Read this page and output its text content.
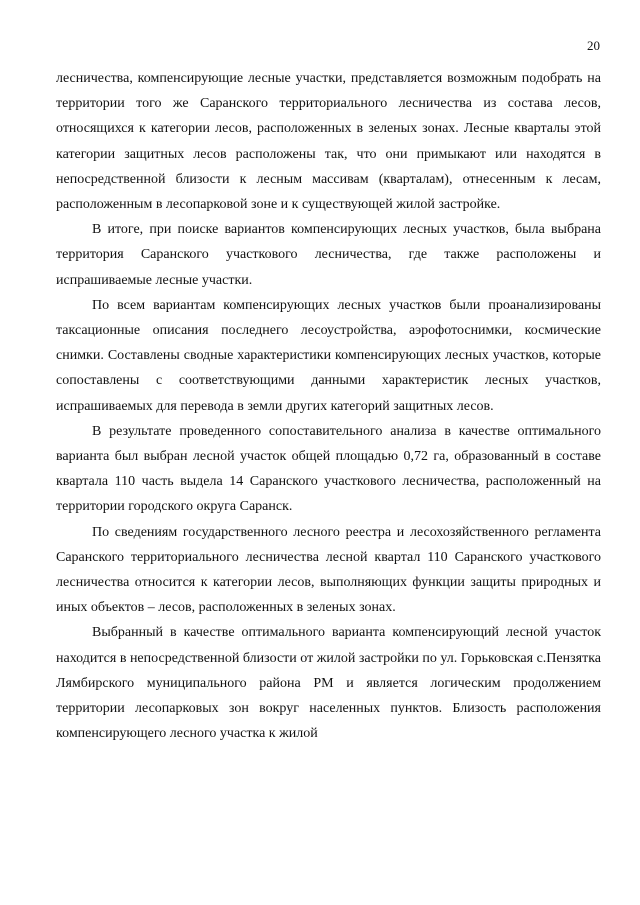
20

лесничества, компенсирующие лесные участки, представляется возможным подобрать на территории того же Саранского территориального лесничества из состава лесов, относящихся к категории лесов, расположенных в зеленых зонах. Лесные кварталы этой категории защитных лесов расположены так, что они примыкают или находятся в непосредственной близости к лесным массивам (кварталам), отнесенным к лесам, расположенным в лесопарковой зоне и к существующей жилой застройке.

В итоге, при поиске вариантов компенсирующих лесных участков, была выбрана территория Саранского участкового лесничества, где также расположены и испрашиваемые лесные участки.

По всем вариантам компенсирующих лесных участков были проанализированы таксационные описания последнего лесоустройства, аэрофотоснимки, космические снимки. Составлены сводные характеристики компенсирующих лесных участков, которые сопоставлены с соответствующими данными характеристик лесных участков, испрашиваемых для перевода в земли других категорий защитных лесов.

В результате проведенного сопоставительного анализа в качестве оптимального варианта был выбран лесной участок общей площадью 0,72 га, образованный в составе квартала 110 часть выдела 14 Саранского участкового лесничества, расположенный на территории городского округа Саранск.

По сведениям государственного лесного реестра и лесохозяйственного регламента Саранского территориального лесничества лесной квартал 110 Саранского участкового лесничества относится к категории лесов, выполняющих функции защиты природных и иных объектов – лесов, расположенных в зеленых зонах.

Выбранный в качестве оптимального варианта компенсирующий лесной участок находится в непосредственной близости от жилой застройки по ул. Горьковская с.Пензятка Лямбирского муниципального района РМ и является логическим продолжением территории лесопарковых зон вокруг населенных пунктов. Близость расположения компенсирующего лесного участка к жилой
